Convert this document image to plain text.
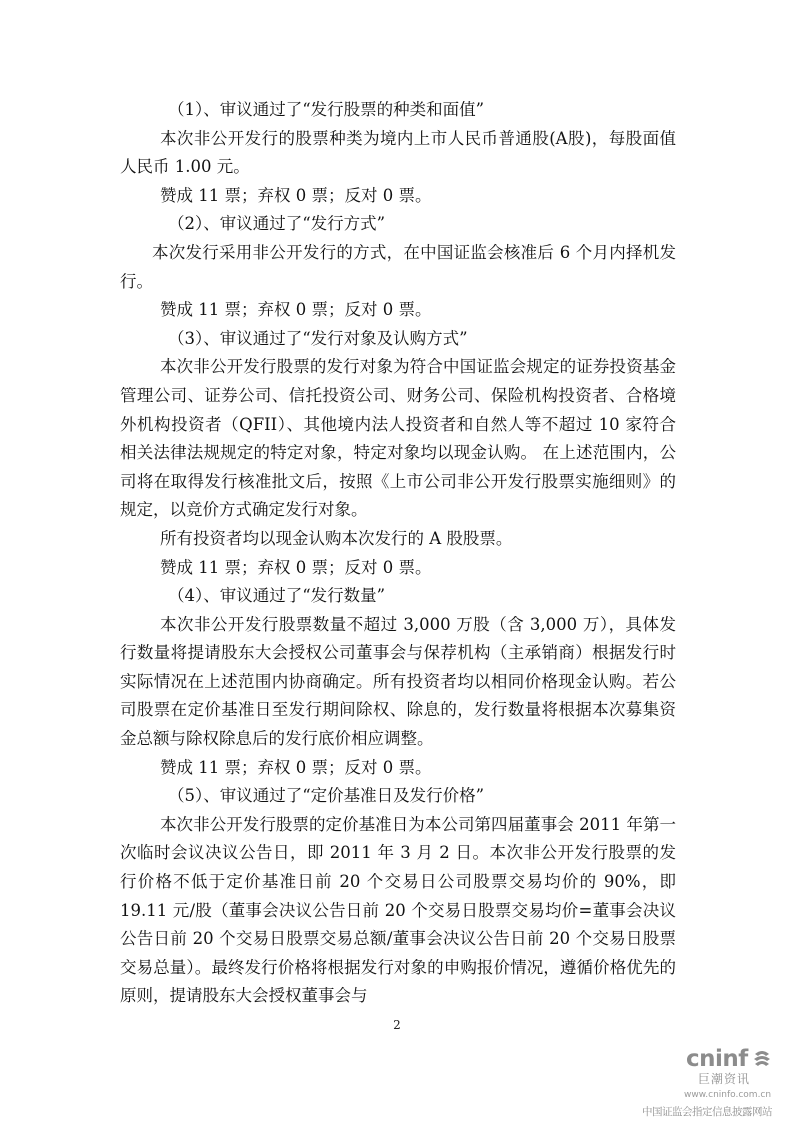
（1）、审议通过了“发行股票的种类和面值”

本次非公开发行的股票种类为境内上市人民币普通股(A股)，每股面值人民币 1.00 元。

赞成 11 票；弃权 0 票；反对 0 票。

（2）、审议通过了“发行方式”

本次发行采用非公开发行的方式，在中国证监会核准后 6 个月内择机发行。

赞成 11 票；弃权 0 票；反对 0 票。

（3）、审议通过了“发行对象及认购方式”

本次非公开发行股票的发行对象为符合中国证监会规定的证券投资基金管理公司、证券公司、信托投资公司、财务公司、保险机构投资者、合格境外机构投资者（QFII）、其他境内法人投资者和自然人等不超过 10 家符合相关法律法规规定的特定对象，特定对象均以现金认购。 在上述范围内，公司将在取得发行核准批文后，按照《上市公司非公开发行股票实施细则》的规定，以竞价方式确定发行对象。

所有投资者均以现金认购本次发行的 A 股股票。

赞成 11 票；弃权 0 票；反对 0 票。

（4）、审议通过了“发行数量”

本次非公开发行股票数量不超过 3,000 万股（含 3,000 万），具体发行数量将提请股东大会授权公司董事会与保荐机构（主承销商）根据发行时实际情况在上述范围内协商确定。所有投资者均以相同价格现金认购。若公司股票在定价基准日至发行期间除权、除息的，发行数量将根据本次募集资金总额与除权除息后的发行底价相应调整。

赞成 11 票；弃权 0 票；反对 0 票。

（5）、审议通过了“定价基准日及发行价格”

本次非公开发行股票的定价基准日为本公司第四届董事会 2011 年第一次临时会议决议公告日，即 2011 年 3 月 2 日。本次非公开发行股票的发行价格不低于定价基准日前 20 个交易日公司股票交易均价的 90%，即 19.11 元/股（董事会决议公告日前 20 个交易日股票交易均价=董事会决议公告日前 20 个交易日股票交易总额/董事会决议公告日前 20 个交易日股票交易总量）。最终发行价格将根据发行对象的申购报价情况，遵循价格优先的原则，提请股东大会授权董事会与

2
cninf
巨潮资讯
www.cninfo.com.cn
中国证监会指定信息披露网站
